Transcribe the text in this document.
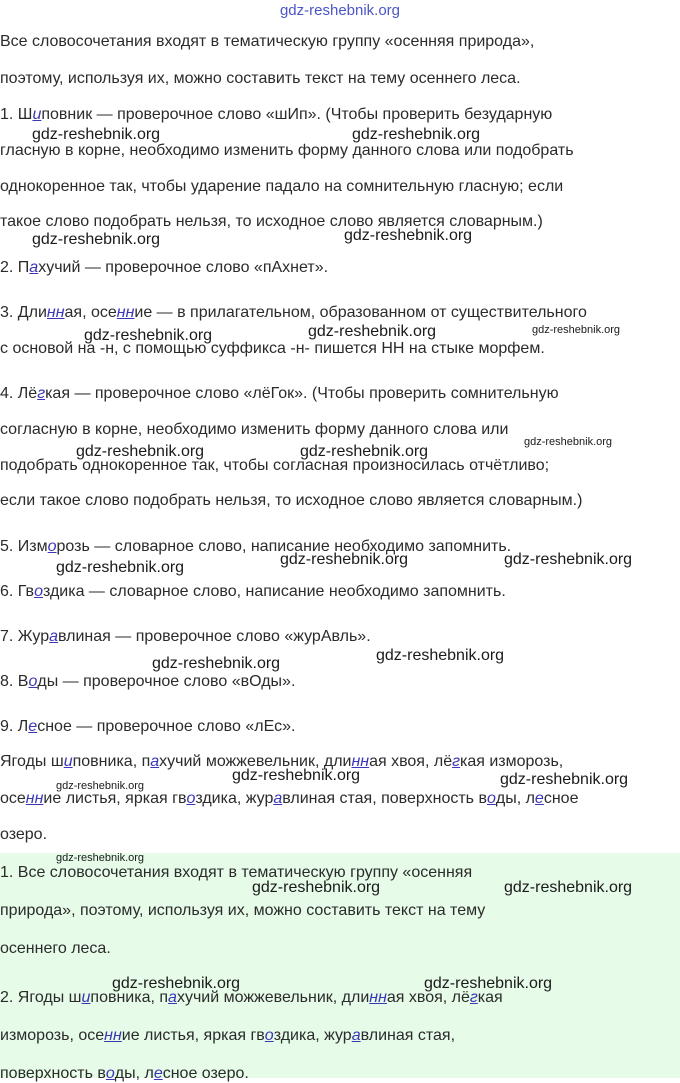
gdz-reshebnik.org
Все словосочетания входят в тематическую группу «осенняя природа»,
поэтому, используя их, можно составить текст на тему осеннего леса.
1. Шиповник — проверочное слово «шИп». (Чтобы проверить безударную
гласную в корне, необходимо изменить форму данного слова или подобрать
однокоренное так, чтобы ударение падало на сомнительную гласную; если
такое слово подобрать нельзя, то исходное слово является словарным.)
2. Пахучий — проверочное слово «пАхнет».
3. Длинная, осенние — в прилагательном, образованном от существительного
с основой на -н, с помощью суффикса -н- пишется НН на стыке морфем.
4. Лёгкая — проверочное слово «лёГок». (Чтобы проверить сомнительную
согласную в корне, необходимо изменить форму данного слова или
подобрать однокоренное так, чтобы согласная произносилась отчётливо;
если такое слово подобрать нельзя, то исходное слово является словарным.)
5. Изморозь — словарное слово, написание необходимо запомнить.
6. Гвоздика — словарное слово, написание необходимо запомнить.
7. Журавлиная — проверочное слово «журАвль».
8. Воды — проверочное слово «вОды».
9. Лесное — проверочное слово «лЕс».
Ягоды шиповника, пахучий можжевельник, длинная хвоя, лёгкая изморозь,
осенние листья, яркая гвоздика, журавлиная стая, поверхность воды, лесное
озеро.
1. Все словосочетания входят в тематическую группу «осенняя
природа», поэтому, используя их, можно составить текст на тему
осеннего леса.
2. Ягоды шиповника, пахучий можжевельник, длинная хвоя, лёгкая
изморозь, осенние листья, яркая гвоздика, журавлиная стая,
поверхность воды, лесное озеро.
gdz-reshebnik.org	gdz-reshebnik.org
gdz-reshebnik.org	gdz-reshebnik.org
gdz-reshebnik.org	gdz-reshebnik.org	gdz-reshebnik.org
gdz-reshebnik.org	gdz-reshebnik.org
gdz-reshebnik.org
gdz-reshebnik.org	gdz-reshebnik.org	gdz-reshebnik.org
gdz-reshebnik.org	gdz-reshebnik.org
gdz-reshebnik.org
gdz-reshebnik.org	gdz-reshebnik.org
gdz-reshebnik.org
gdz-reshebnik.org	gdz-reshebnik.org
gdz-reshebnik.org	gdz-reshebnik.org
